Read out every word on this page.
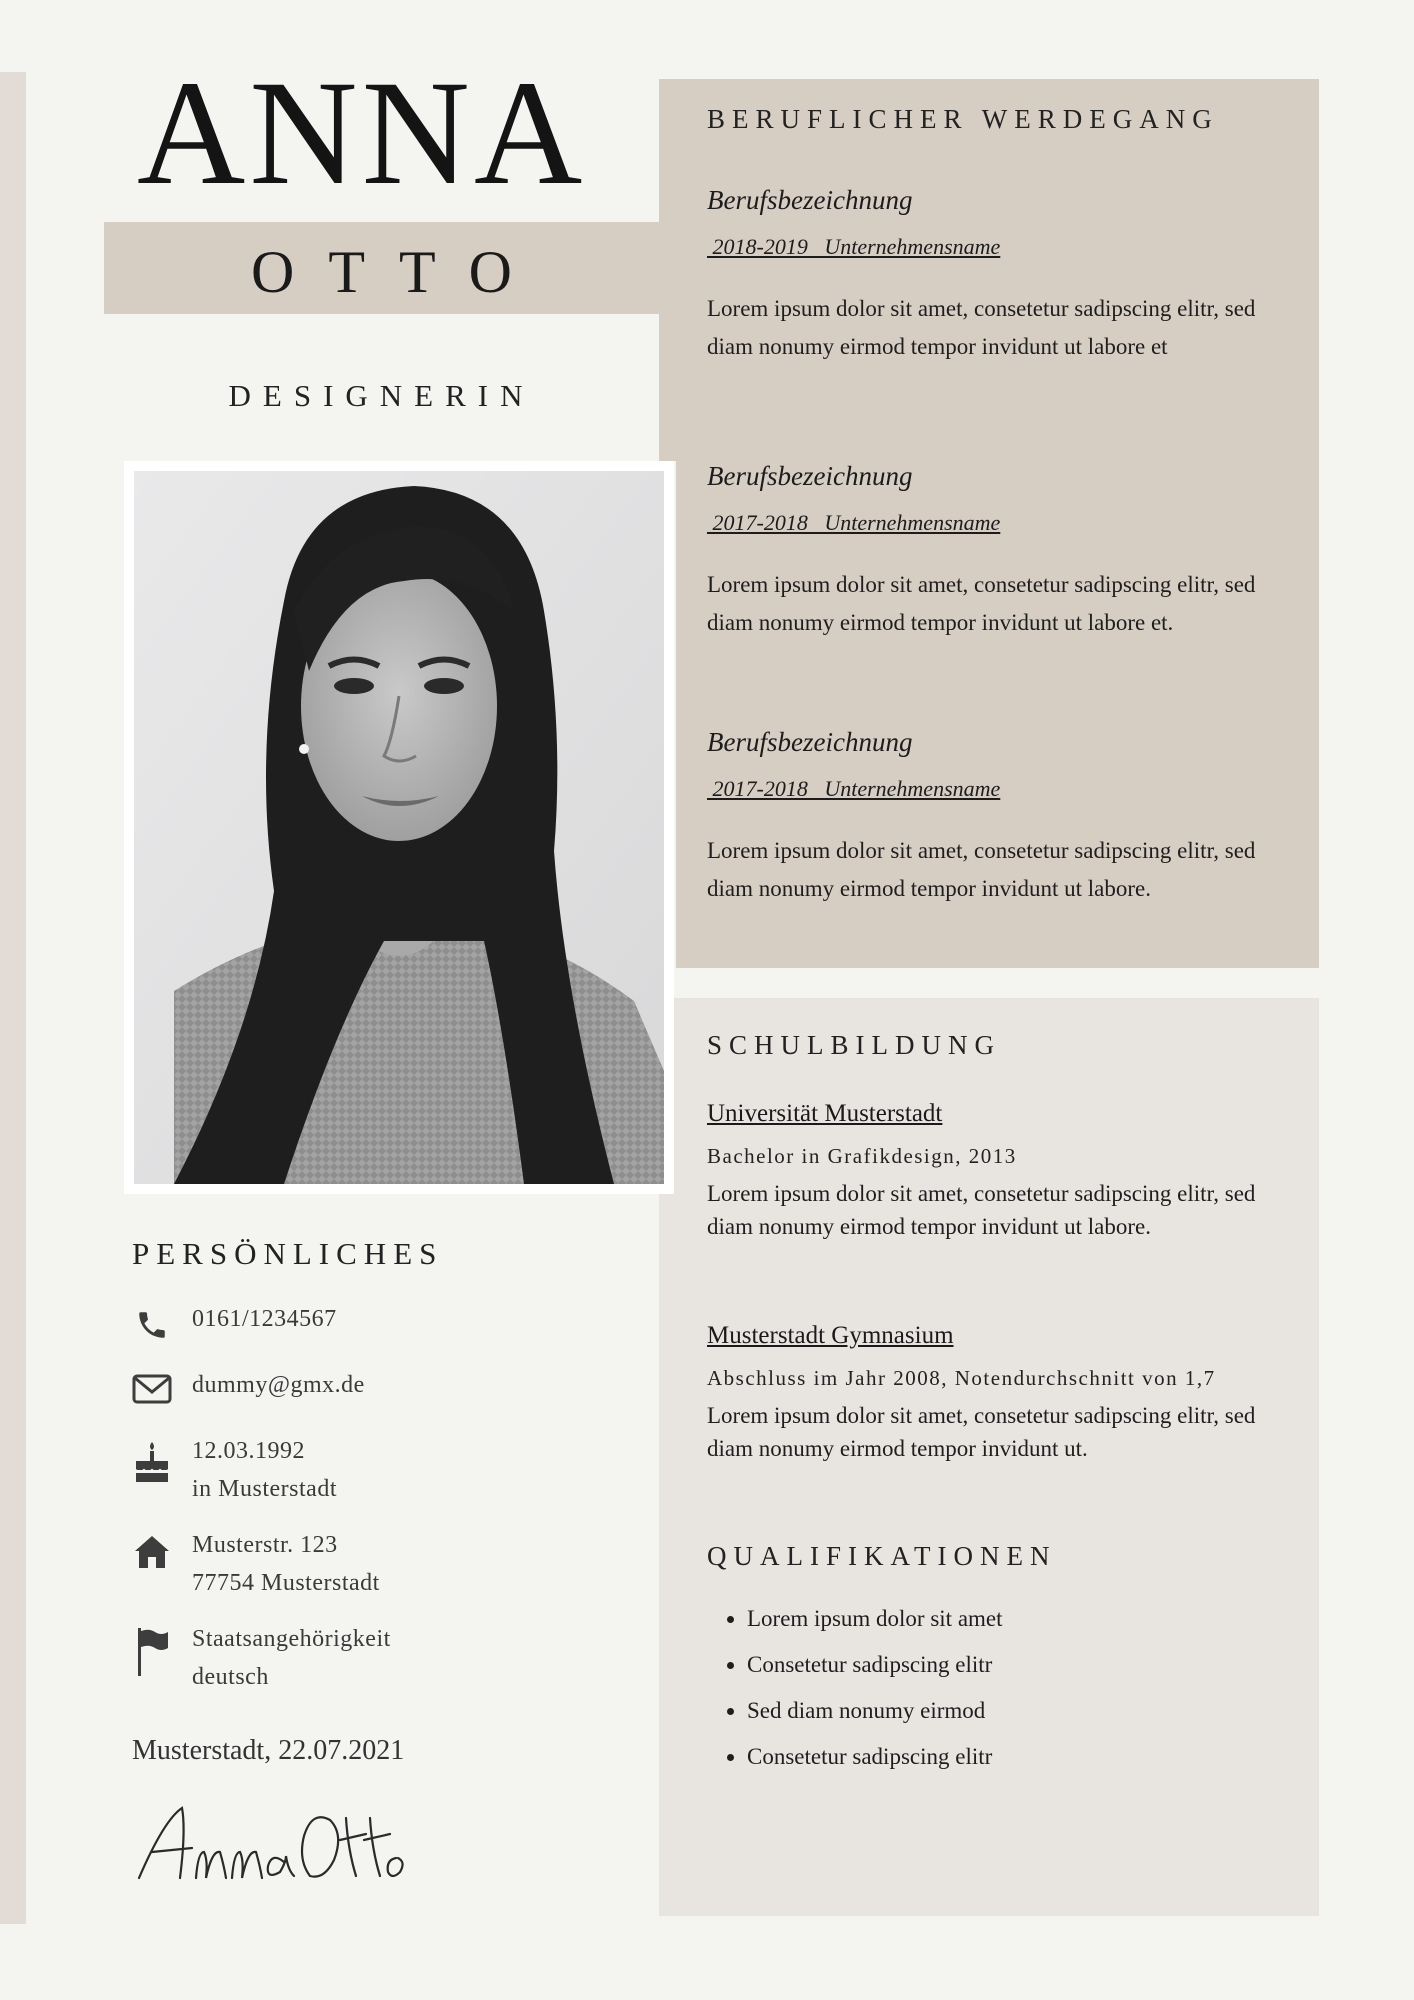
ANNA
OTTO
DESIGNERIN
BERUFLICHER WERDEGANG
Berufsbezeichnung
2018-2019   Unternehmensname
Lorem ipsum dolor sit amet, consetetur sadipscing elitr, sed diam nonumy eirmod tempor invidunt ut labore et
Berufsbezeichnung
2017-2018   Unternehmensname
Lorem ipsum dolor sit amet, consetetur sadipscing elitr, sed diam nonumy eirmod tempor invidunt ut labore et.
Berufsbezeichnung
2017-2018   Unternehmensname
Lorem ipsum dolor sit amet, consetetur sadipscing elitr, sed diam nonumy eirmod tempor invidunt ut labore.
SCHULBILDUNG
Universität Musterstadt
Bachelor in Grafikdesign, 2013
Lorem ipsum dolor sit amet, consetetur sadipscing elitr, sed diam nonumy eirmod tempor invidunt ut labore.
Musterstadt Gymnasium
Abschluss im Jahr 2008, Notendurchschnitt von 1,7
Lorem ipsum dolor sit amet, consetetur sadipscing elitr, sed diam nonumy eirmod tempor invidunt ut.
QUALIFIKATIONEN
• Lorem ipsum dolor sit amet
• Consetetur sadipscing elitr
• Sed diam nonumy eirmod
• Consetetur sadipscing elitr
PERSÖNLICHES
0161/1234567
dummy@gmx.de
12.03.1992
in Musterstadt
Musterstr. 123
77754 Musterstadt
Staatsangehörigkeit
deutsch
Musterstadt, 22.07.2021
